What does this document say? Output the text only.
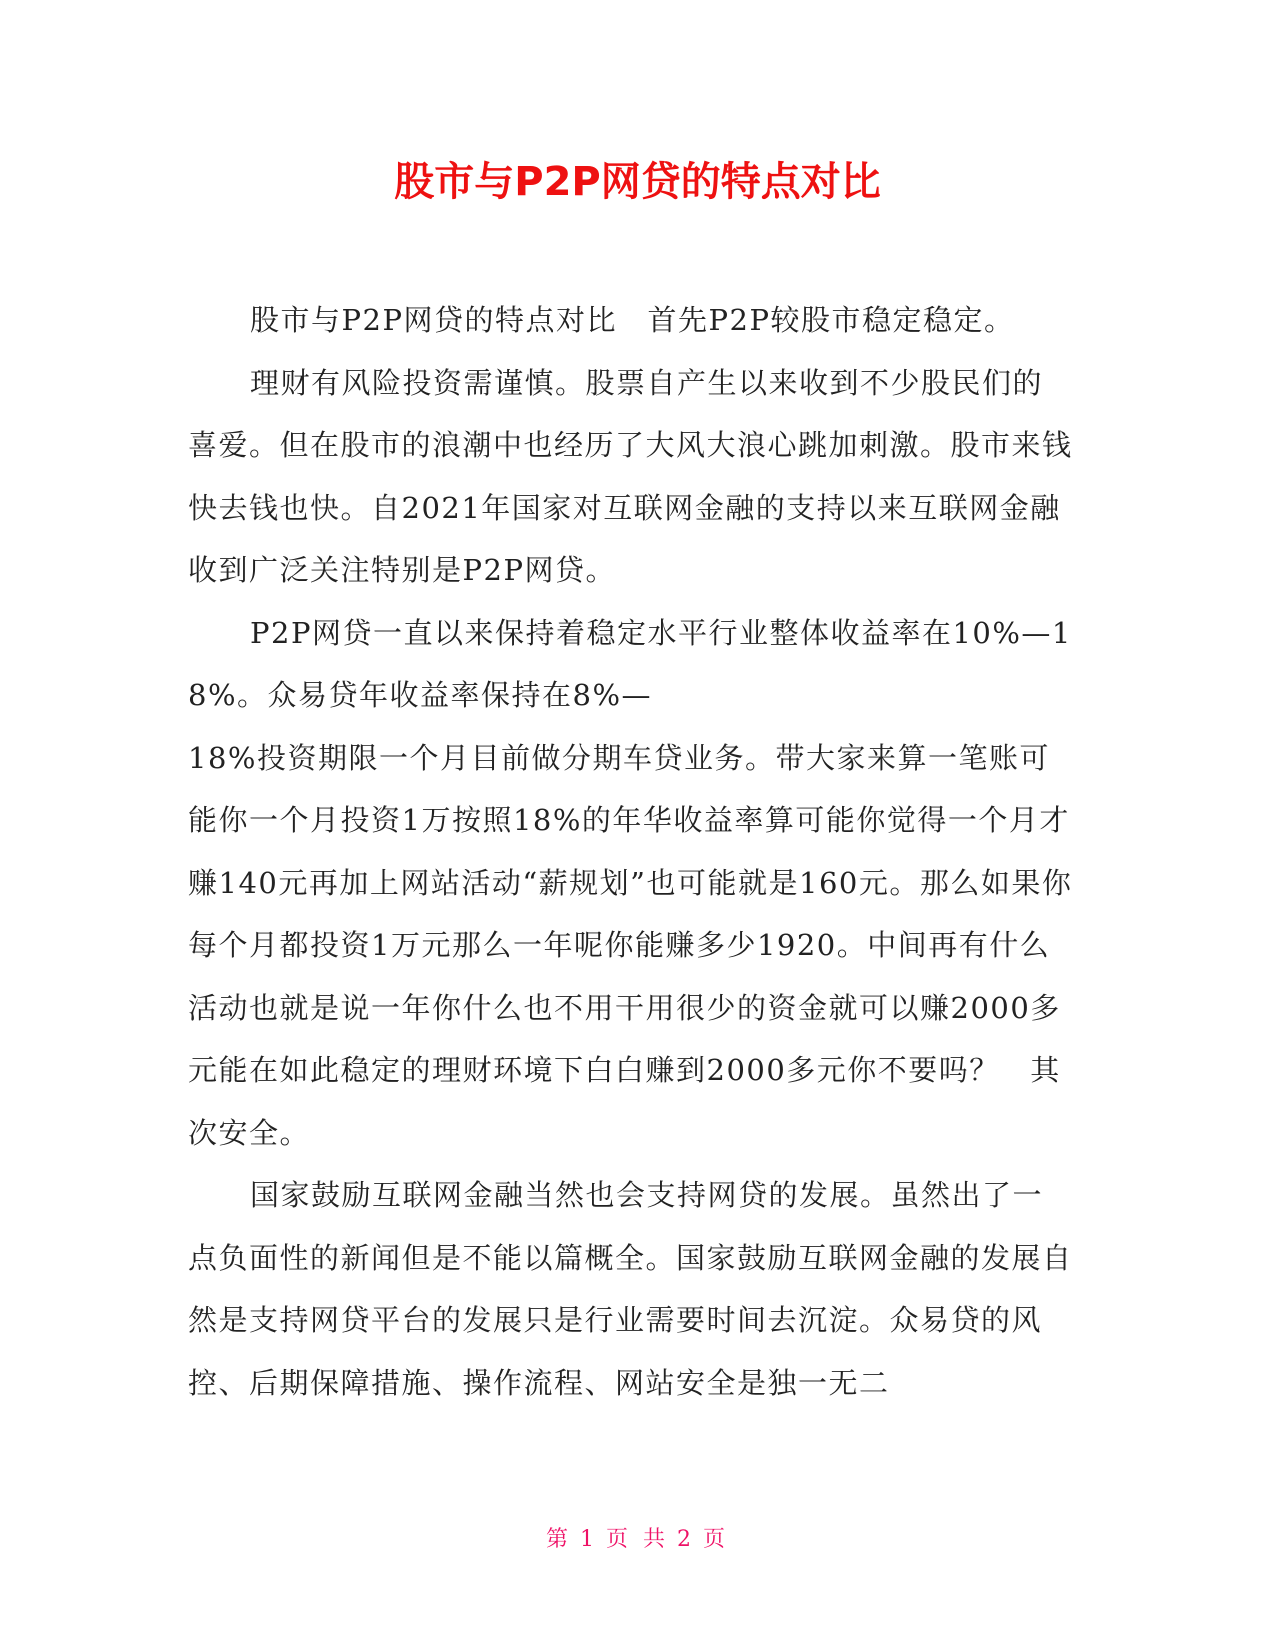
股市与P2P网贷的特点对比

股市与P2P网贷的特点对比　首先P2P较股市稳定稳定。

理财有风险投资需谨慎。股票自产生以来收到不少股民们的喜爱。但在股市的浪潮中也经历了大风大浪心跳加刺激。股市来钱快去钱也快。自2021年国家对互联网金融的支持以来互联网金融收到广泛关注特别是P2P网贷。

P2P网贷一直以来保持着稳定水平行业整体收益率在10%—18%。众易贷年收益率保持在8%—

18%投资期限一个月目前做分期车贷业务。带大家来算一笔账可能你一个月投资1万按照18%的年华收益率算可能你觉得一个月才赚140元再加上网站活动“薪规划”也可能就是160元。那么如果你每个月都投资1万元那么一年呢你能赚多少1920。中间再有什么活动也就是说一年你什么也不用干用很少的资金就可以赚2000多元能在如此稳定的理财环境下白白赚到2000多元你不要吗？　其次安全。

国家鼓励互联网金融当然也会支持网贷的发展。虽然出了一点负面性的新闻但是不能以篇概全。国家鼓励互联网金融的发展自然是支持网贷平台的发展只是行业需要时间去沉淀。众易贷的风控、后期保障措施、操作流程、网站安全是独一无二

第 1 页 共 2 页
